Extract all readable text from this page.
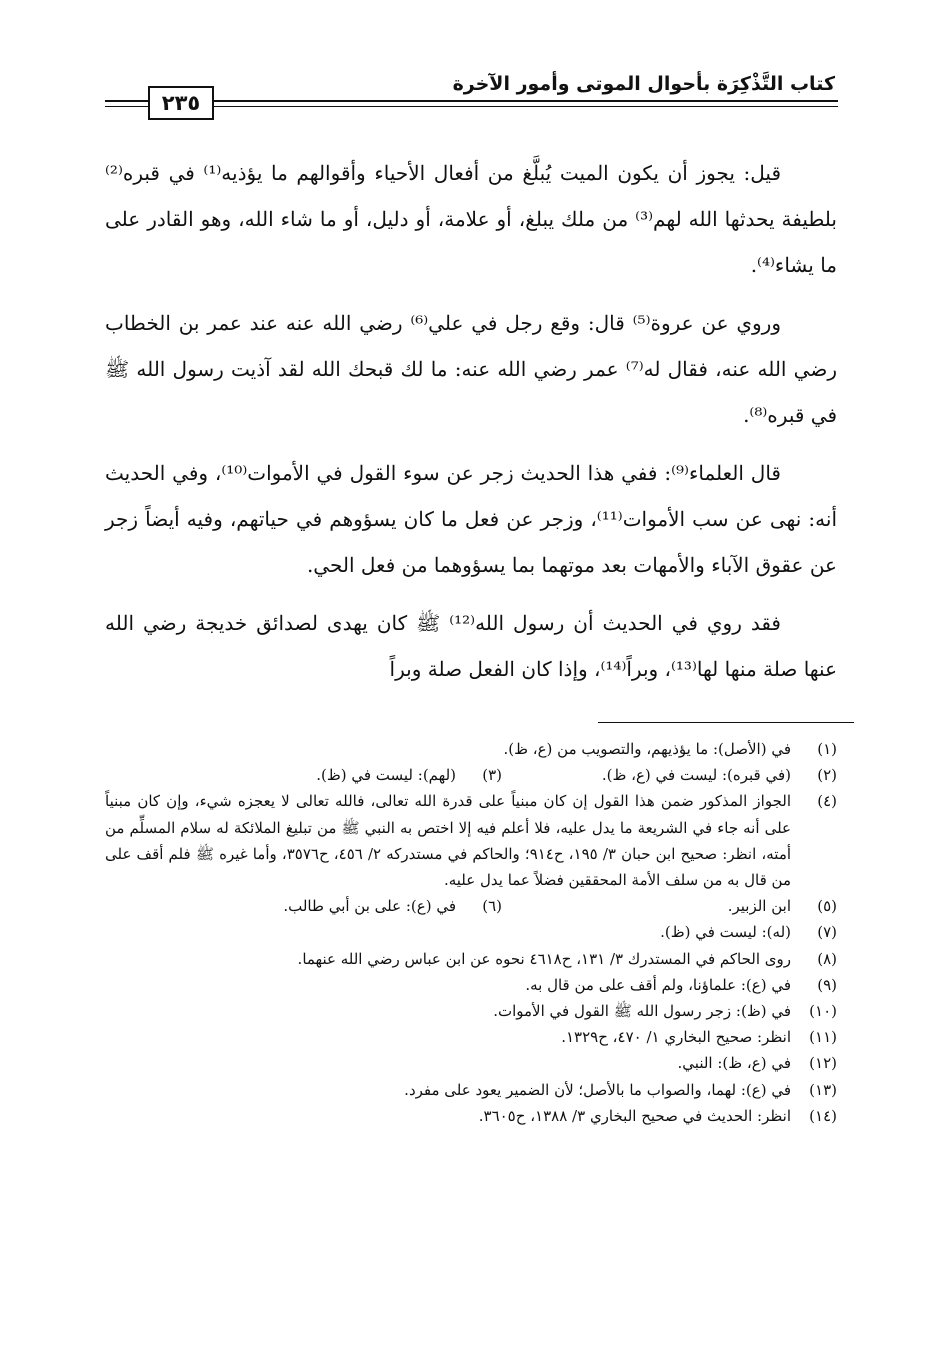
كتاب التَّذْكِرَة بأحوال الموتى وأمور الآخرة
٢٣٥

قيل: يجوز أن يكون الميت يُبلَّغ من أفعال الأحياء وأقوالهم ما يؤذيه⁽¹⁾ في قبره⁽²⁾ بلطيفة يحدثها الله لهم⁽³⁾ من ملك يبلغ، أو علامة، أو دليل، أو ما شاء الله، وهو القادر على ما يشاء⁽⁴⁾.

وروي عن عروة⁽⁵⁾ قال: وقع رجل في علي⁽⁶⁾ رضي الله عنه عند عمر بن الخطاب رضي الله عنه، فقال له⁽⁷⁾ عمر رضي الله عنه: ما لك قبحك الله لقد آذيت رسول الله ﷺ في قبره⁽⁸⁾.

قال العلماء⁽⁹⁾: ففي هذا الحديث زجر عن سوء القول في الأموات⁽¹⁰⁾، وفي الحديث أنه: نهى عن سب الأموات⁽¹¹⁾، وزجر عن فعل ما كان يسؤوهم في حياتهم، وفيه أيضاً زجر عن عقوق الآباء والأمهات بعد موتهما بما يسؤوهما من فعل الحي.

فقد روي في الحديث أن رسول الله⁽¹²⁾ ﷺ كان يهدى لصدائق خديجة رضي الله عنها صلة منها لها⁽¹³⁾، وبراً⁽¹⁴⁾، وإذا كان الفعل صلة وبراً

(١)
في (الأصل): ما يؤذيهم، والتصويب من (ع، ظ).
(٢)
(في قبره): ليست في (ع، ظ).
(٣)
(لهم): ليست في (ظ).
(٤)
الجواز المذكور ضمن هذا القول إن كان مبنياً على قدرة الله تعالى، فالله تعالى لا يعجزه شيء، وإن كان مبنياً على أنه جاء في الشريعة ما يدل عليه، فلا أعلم فيه إلا اختص به النبي ﷺ من تبليغ الملائكة له سلام المسلِّم من أمته، انظر: صحيح ابن حبان ٣/ ١٩٥، ح٩١٤؛ والحاكم في مستدركه ٢/ ٤٥٦، ح٣٥٧٦، وأما غيره ﷺ فلم أقف على من قال به من سلف الأمة المحققين فضلاً عما يدل عليه.
(٥)
ابن الزبير.
(٦)
في (ع): على بن أبي طالب.
(٧)
(له): ليست في (ظ).
(٨)
روى الحاكم في المستدرك ٣/ ١٣١، ح٤٦١٨ نحوه عن ابن عباس رضي الله عنهما.
(٩)
في (ع): علماؤنا، ولم أقف على من قال به.
(١٠)
في (ظ): زجر رسول الله ﷺ القول في الأموات.
(١١)
انظر: صحيح البخاري ١/ ٤٧٠، ح١٣٢٩.
(١٢)
في (ع، ظ): النبي.
(١٣)
في (ع): لهما، والصواب ما بالأصل؛ لأن الضمير يعود على مفرد.
(١٤)
انظر: الحديث في صحيح البخاري ٣/ ١٣٨٨، ح٣٦٠٥.
